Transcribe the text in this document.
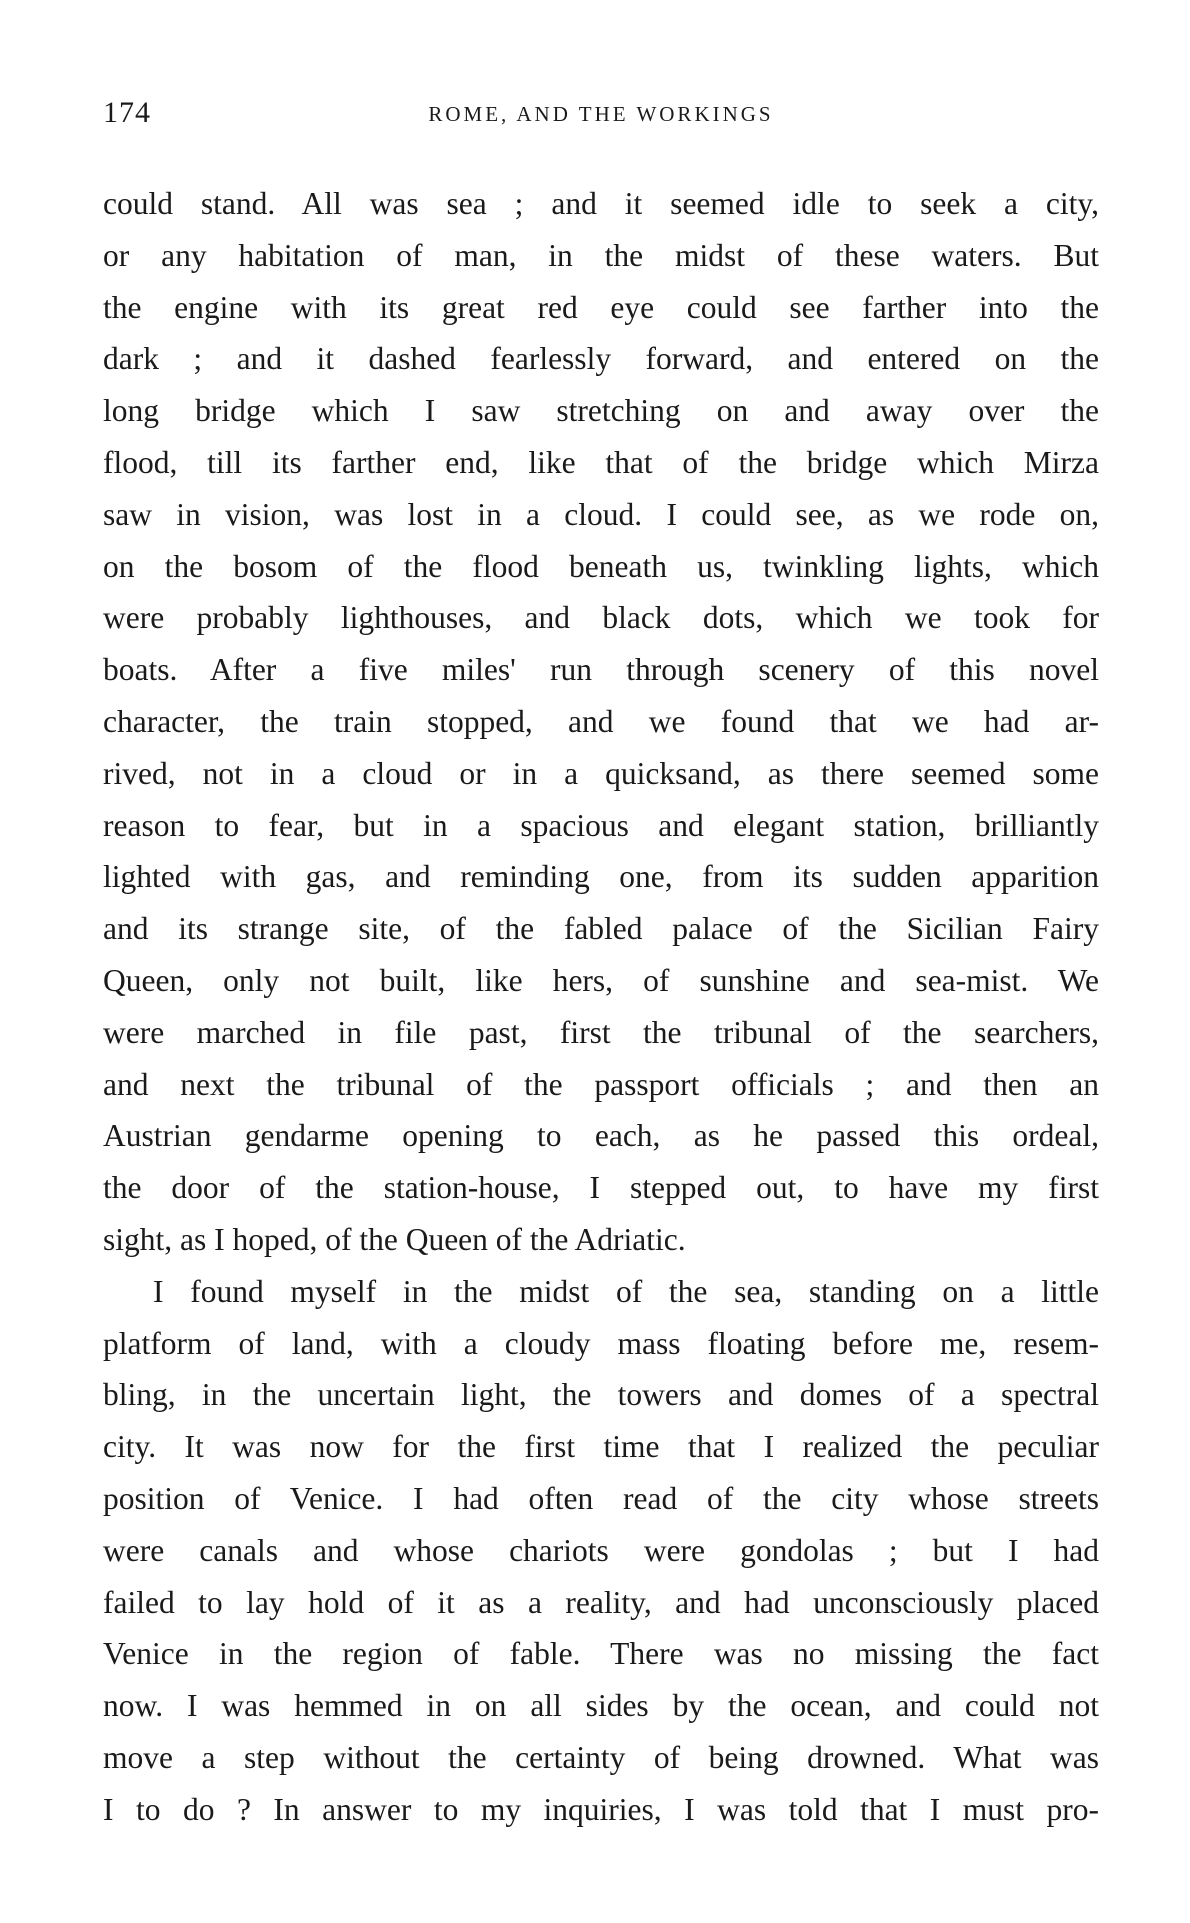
174	ROME, AND THE WORKINGS
could stand. All was sea ; and it seemed idle to seek a city,
or any habitation of man, in the midst of these waters. But
the engine with its great red eye could see farther into the
dark ; and it dashed fearlessly forward, and entered on the
long bridge which I saw stretching on and away over the
flood, till its farther end, like that of the bridge which Mirza
saw in vision, was lost in a cloud. I could see, as we rode on,
on the bosom of the flood beneath us, twinkling lights, which
were probably lighthouses, and black dots, which we took for
boats. After a five miles' run through scenery of this novel
character, the train stopped, and we found that we had ar-
rived, not in a cloud or in a quicksand, as there seemed some
reason to fear, but in a spacious and elegant station, brilliantly
lighted with gas, and reminding one, from its sudden apparition
and its strange site, of the fabled palace of the Sicilian Fairy
Queen, only not built, like hers, of sunshine and sea-mist. We
were marched in file past, first the tribunal of the searchers,
and next the tribunal of the passport officials ; and then an
Austrian gendarme opening to each, as he passed this ordeal,
the door of the station-house, I stepped out, to have my first
sight, as I hoped, of the Queen of the Adriatic.
I found myself in the midst of the sea, standing on a little
platform of land, with a cloudy mass floating before me, resem-
bling, in the uncertain light, the towers and domes of a spectral
city. It was now for the first time that I realized the peculiar
position of Venice. I had often read of the city whose streets
were canals and whose chariots were gondolas ; but I had
failed to lay hold of it as a reality, and had unconsciously placed
Venice in the region of fable. There was no missing the fact
now. I was hemmed in on all sides by the ocean, and could not
move a step without the certainty of being drowned. What was
I to do ? In answer to my inquiries, I was told that I must pro-
